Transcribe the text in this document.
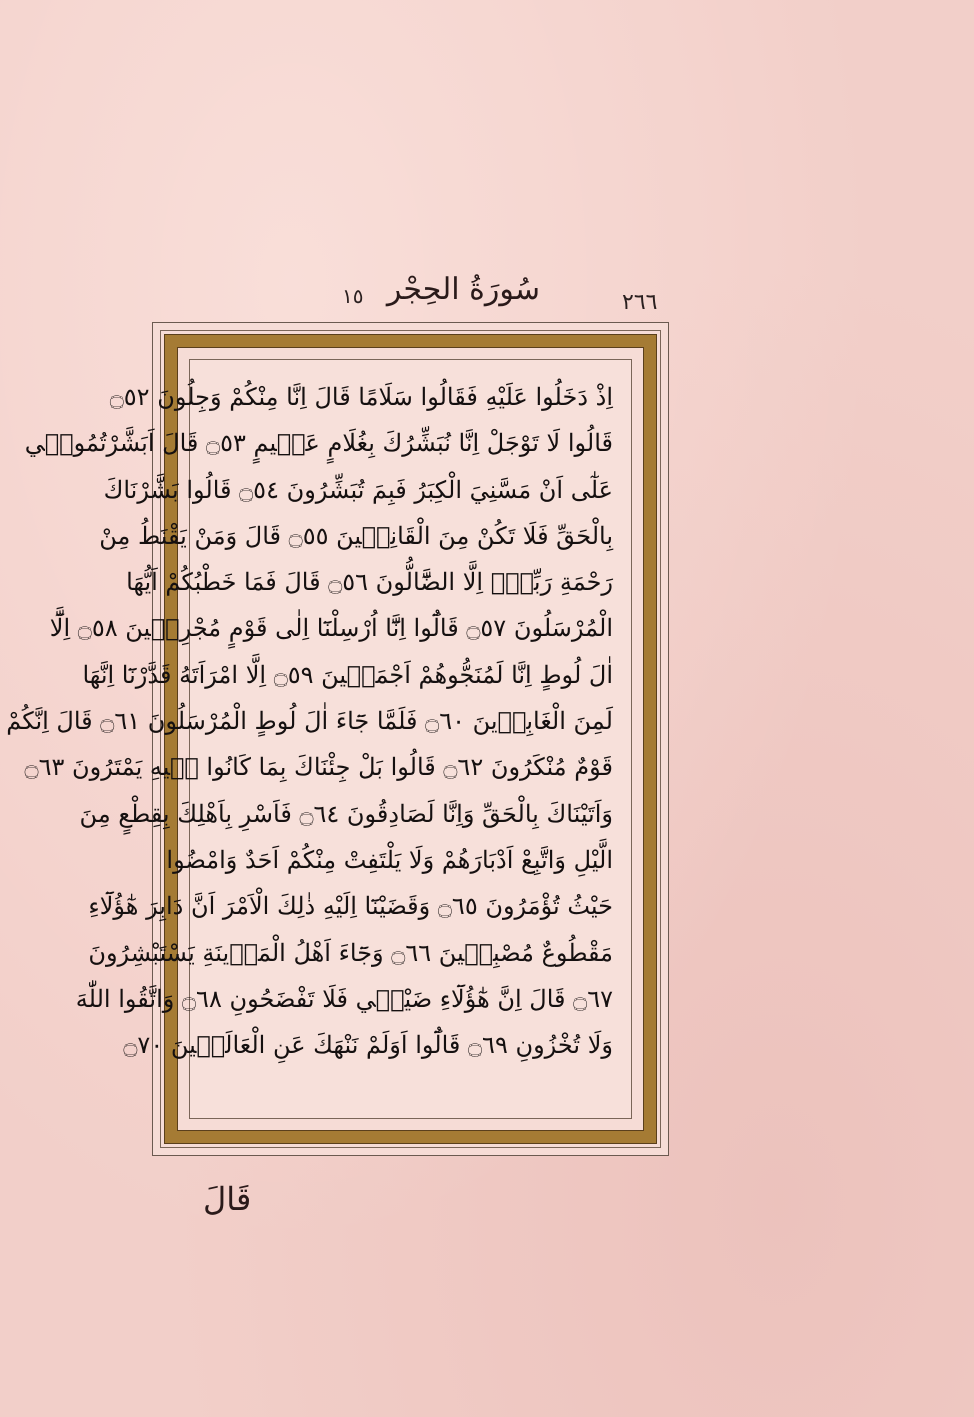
٢٦٦
سُورَةُ الحِجْر
١٥
اِذْ دَخَلُوا عَلَيْهِ فَقَالُوا سَلَامًا قَالَ اِنَّا مِنْكُمْ وَجِلُونَ ۝٥٢
قَالُوا لَا تَوْجَلْ اِنَّا نُبَشِّرُكَ بِغُلَامٍ عَلٖيمٍ ۝٥٣ قَالَ اَبَشَّرْتُمُونٖي
عَلٰٓى اَنْ مَسَّنِيَ الْكِبَرُ فَبِمَ تُبَشِّرُونَ ۝٥٤ قَالُوا بَشَّرْنَاكَ
بِالْحَقِّ فَلَا تَكُنْ مِنَ الْقَانِطٖينَ ۝٥٥ قَالَ وَمَنْ يَقْنَطُ مِنْ
رَحْمَةِ رَبِّهٖٓ اِلَّا الضَّٓالُّونَ ۝٥٦ قَالَ فَمَا خَطْبُكُمْ اَيُّهَا
الْمُرْسَلُونَ ۝٥٧ قَالُٓوا اِنَّٓا اُرْسِلْنَٓا اِلٰى قَوْمٍ مُجْرِمٖينَ ۝٥٨ اِلَّٓا
اٰلَ لُوطٍ اِنَّا لَمُنَجُّوهُمْ اَجْمَعٖينَ ۝٥٩ اِلَّا امْرَاَتَهُ قَدَّرْنَٓا اِنَّهَا
لَمِنَ الْغَابِرٖينَ ۝٦٠ فَلَمَّا جَٓاءَ اٰلَ لُوطٍ الْمُرْسَلُونَ ۝٦١ قَالَ اِنَّكُمْ
قَوْمٌ مُنْكَرُونَ ۝٦٢ قَالُوا بَلْ جِئْنَاكَ بِمَا كَانُوا فٖيهِ يَمْتَرُونَ ۝٦٣
وَاَتَيْنَاكَ بِالْحَقِّ وَاِنَّا لَصَادِقُونَ ۝٦٤ فَاَسْرِ بِاَهْلِكَ بِقِطْعٍ مِنَ
الَّيْلِ وَاتَّبِعْ اَدْبَارَهُمْ وَلَا يَلْتَفِتْ مِنْكُمْ اَحَدٌ وَامْضُوا
حَيْثُ تُؤْمَرُونَ ۝٦٥ وَقَضَيْنَٓا اِلَيْهِ ذٰلِكَ الْاَمْرَ اَنَّ دَابِرَ هٰٓؤُلَٓاءِ
مَقْطُوعٌ مُصْبِحٖينَ ۝٦٦ وَجَٓاءَ اَهْلُ الْمَدٖينَةِ يَسْتَبْشِرُونَ
۝٦٧ قَالَ اِنَّ هٰٓؤُلَٓاءِ ضَيْفٖي فَلَا تَفْضَحُونِ ۝٦٨ وَاتَّقُوا اللّٰهَ
وَلَا تُخْزُونِ ۝٦٩ قَالُٓوا اَوَلَمْ نَنْهَكَ عَنِ الْعَالَمٖينَ ۝٧٠
قَالَ
